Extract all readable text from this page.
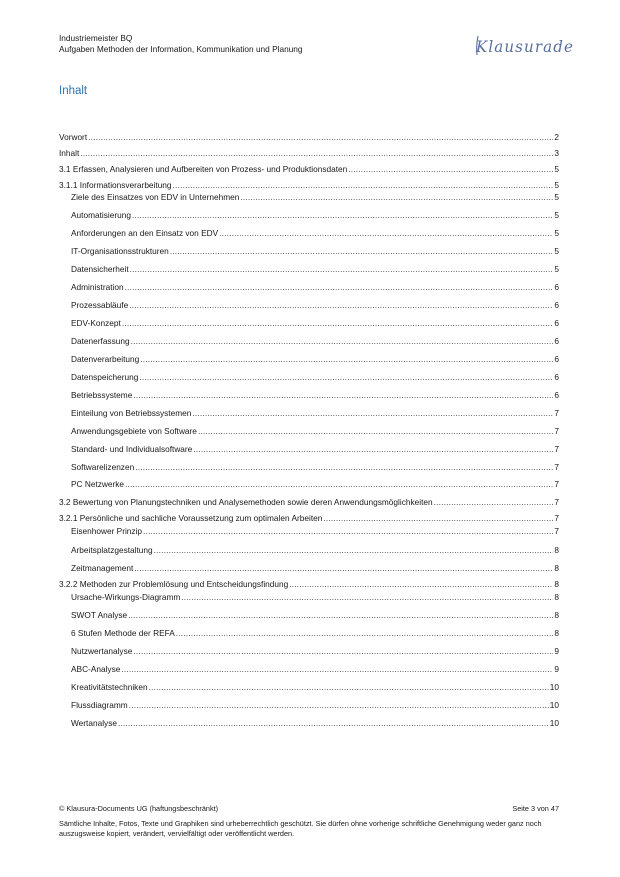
Industriemeister BQ
Aufgaben Methoden der Information, Kommunikation und Planung	Klausurade
Inhalt
Vorwort .....	2
Inhalt .....	3
3.1 Erfassen, Analysieren und Aufbereiten von Prozess- und Produktionsdaten .....	5
3.1.1 Informationsverarbeitung .....	5
Ziele des Einsatzes von EDV in Unternehmen .....	5
Automatisierung .....	5
Anforderungen an den Einsatz von EDV .....	5
IT-Organisationsstrukturen .....	5
Datensicherheit .....	5
Administration .....	6
Prozessabläufe .....	6
EDV-Konzept .....	6
Datenerfassung .....	6
Datenverarbeitung .....	6
Datenspeicherung .....	6
Betriebssysteme .....	6
Einteilung von Betriebssystemen .....	7
Anwendungsgebiete von Software .....	7
Standard- und Individualsoftware .....	7
Softwarelizenzen .....	7
PC Netzwerke .....	7
3.2 Bewertung von Planungstechniken und Analysemethoden sowie deren Anwendungsmöglichkeiten .....	7
3.2.1 Persönliche und sachliche Voraussetzung zum optimalen Arbeiten .....	7
Eisenhower Prinzip .....	7
Arbeitsplatzgestaltung .....	8
Zeitmanagement .....	8
3.2.2 Methoden zur Problemlösung und Entscheidungsfindung .....	8
Ursache-Wirkungs-Diagramm .....	8
SWOT Analyse .....	8
6 Stufen Methode der REFA .....	8
Nutzwertanalyse .....	9
ABC-Analyse .....	9
Kreativitätstechniken .....	10
Flussdiagramm .....	10
Wertanalyse .....	10
© Klausura-Documents UG (haftungsbeschränkt)	Seite 3 von 47
Sämtliche Inhalte, Fotos, Texte und Graphiken sind urheberrechtlich geschützt. Sie dürfen ohne vorherige schriftliche Genehmigung weder ganz noch auszugsweise kopiert, verändert, vervielfältigt oder veröffentlicht werden.
